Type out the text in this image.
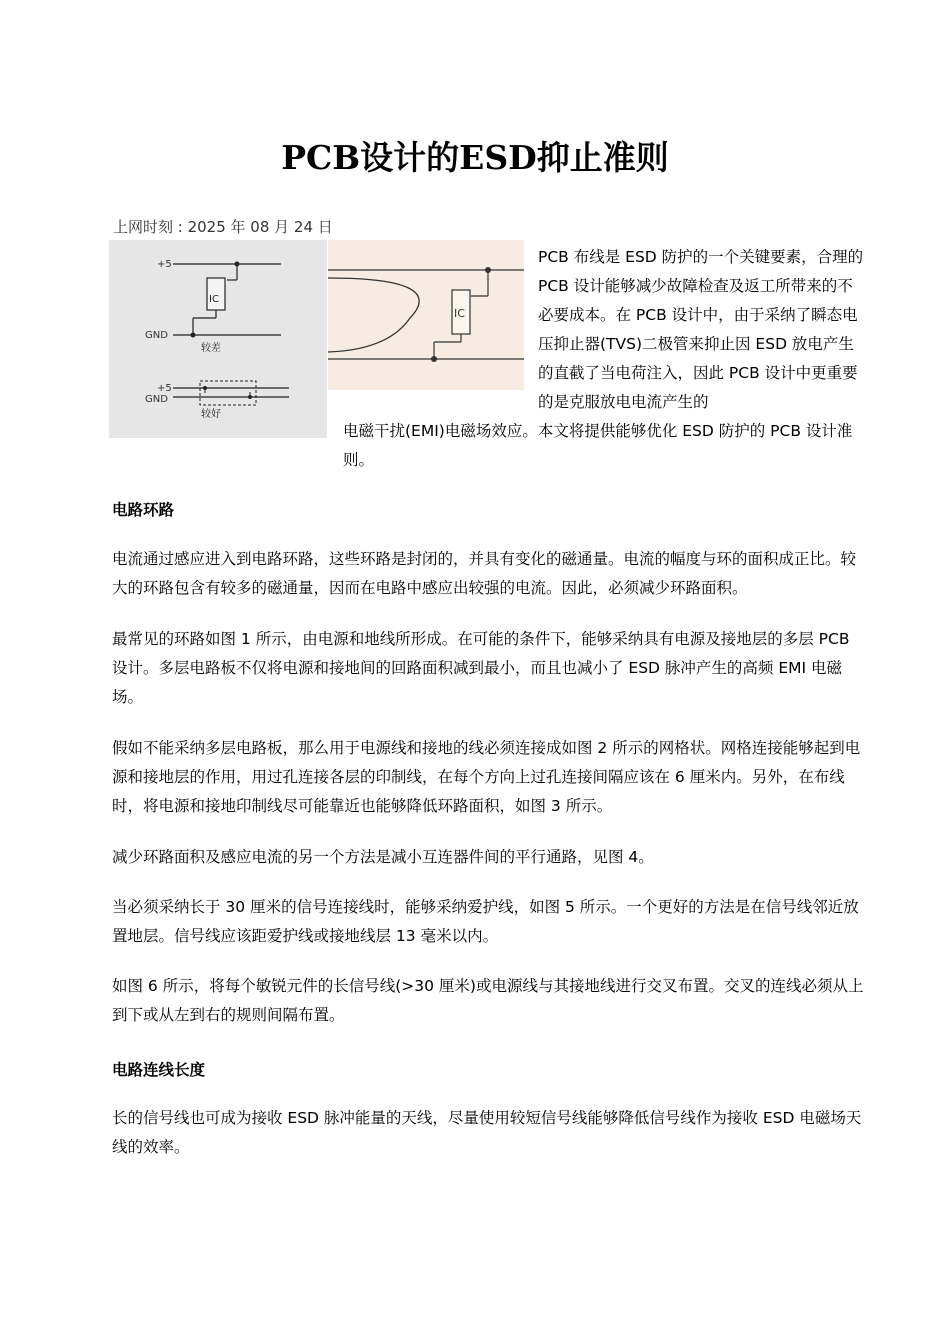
PCB设计的ESD抑止准则
上网时刻 : 2025 年 08 月 24 日
+5
IC
GND
较差
+5
GND
较好
IC

PCB 布线是 ESD 防护的一个关键要素，合理的 PCB 设计能够减少故障检查及返工所带来的不必要成本。在 PCB 设计中，由于采纳了瞬态电压抑止器(TVS)二极管来抑止因 ESD 放电产生的直截了当电荷注入，因此 PCB 设计中更重要的是克服放电电流产生的

电磁干扰(EMI)电磁场效应。本文将提供能够优化 ESD 防护的 PCB 设计准则。

电路环路

电流通过感应进入到电路环路，这些环路是封闭的，并具有变化的磁通量。电流的幅度与环的面积成正比。较大的环路包含有较多的磁通量，因而在电路中感应出较强的电流。因此，必须减少环路面积。

最常见的环路如图 1 所示，由电源和地线所形成。在可能的条件下，能够采纳具有电源及接地层的多层 PCB 设计。多层电路板不仅将电源和接地间的回路面积减到最小，而且也减小了 ESD 脉冲产生的高频 EMI 电磁场。

假如不能采纳多层电路板，那么用于电源线和接地的线必须连接成如图 2 所示的网格状。网格连接能够起到电源和接地层的作用，用过孔连接各层的印制线，在每个方向上过孔连接间隔应该在 6 厘米内。另外，在布线时，将电源和接地印制线尽可能靠近也能够降低环路面积，如图 3 所示。

减少环路面积及感应电流的另一个方法是减小互连器件间的平行通路，见图 4。

当必须采纳长于 30 厘米的信号连接线时，能够采纳爱护线，如图 5 所示。一个更好的方法是在信号线邻近放置地层。信号线应该距爱护线或接地线层 13 毫米以内。

如图 6 所示，将每个敏锐元件的长信号线(>30 厘米)或电源线与其接地线进行交叉布置。交叉的连线必须从上到下或从左到右的规则间隔布置。

电路连线长度

长的信号线也可成为接收 ESD 脉冲能量的天线，尽量使用较短信号线能够降低信号线作为接收 ESD 电磁场天线的效率。
